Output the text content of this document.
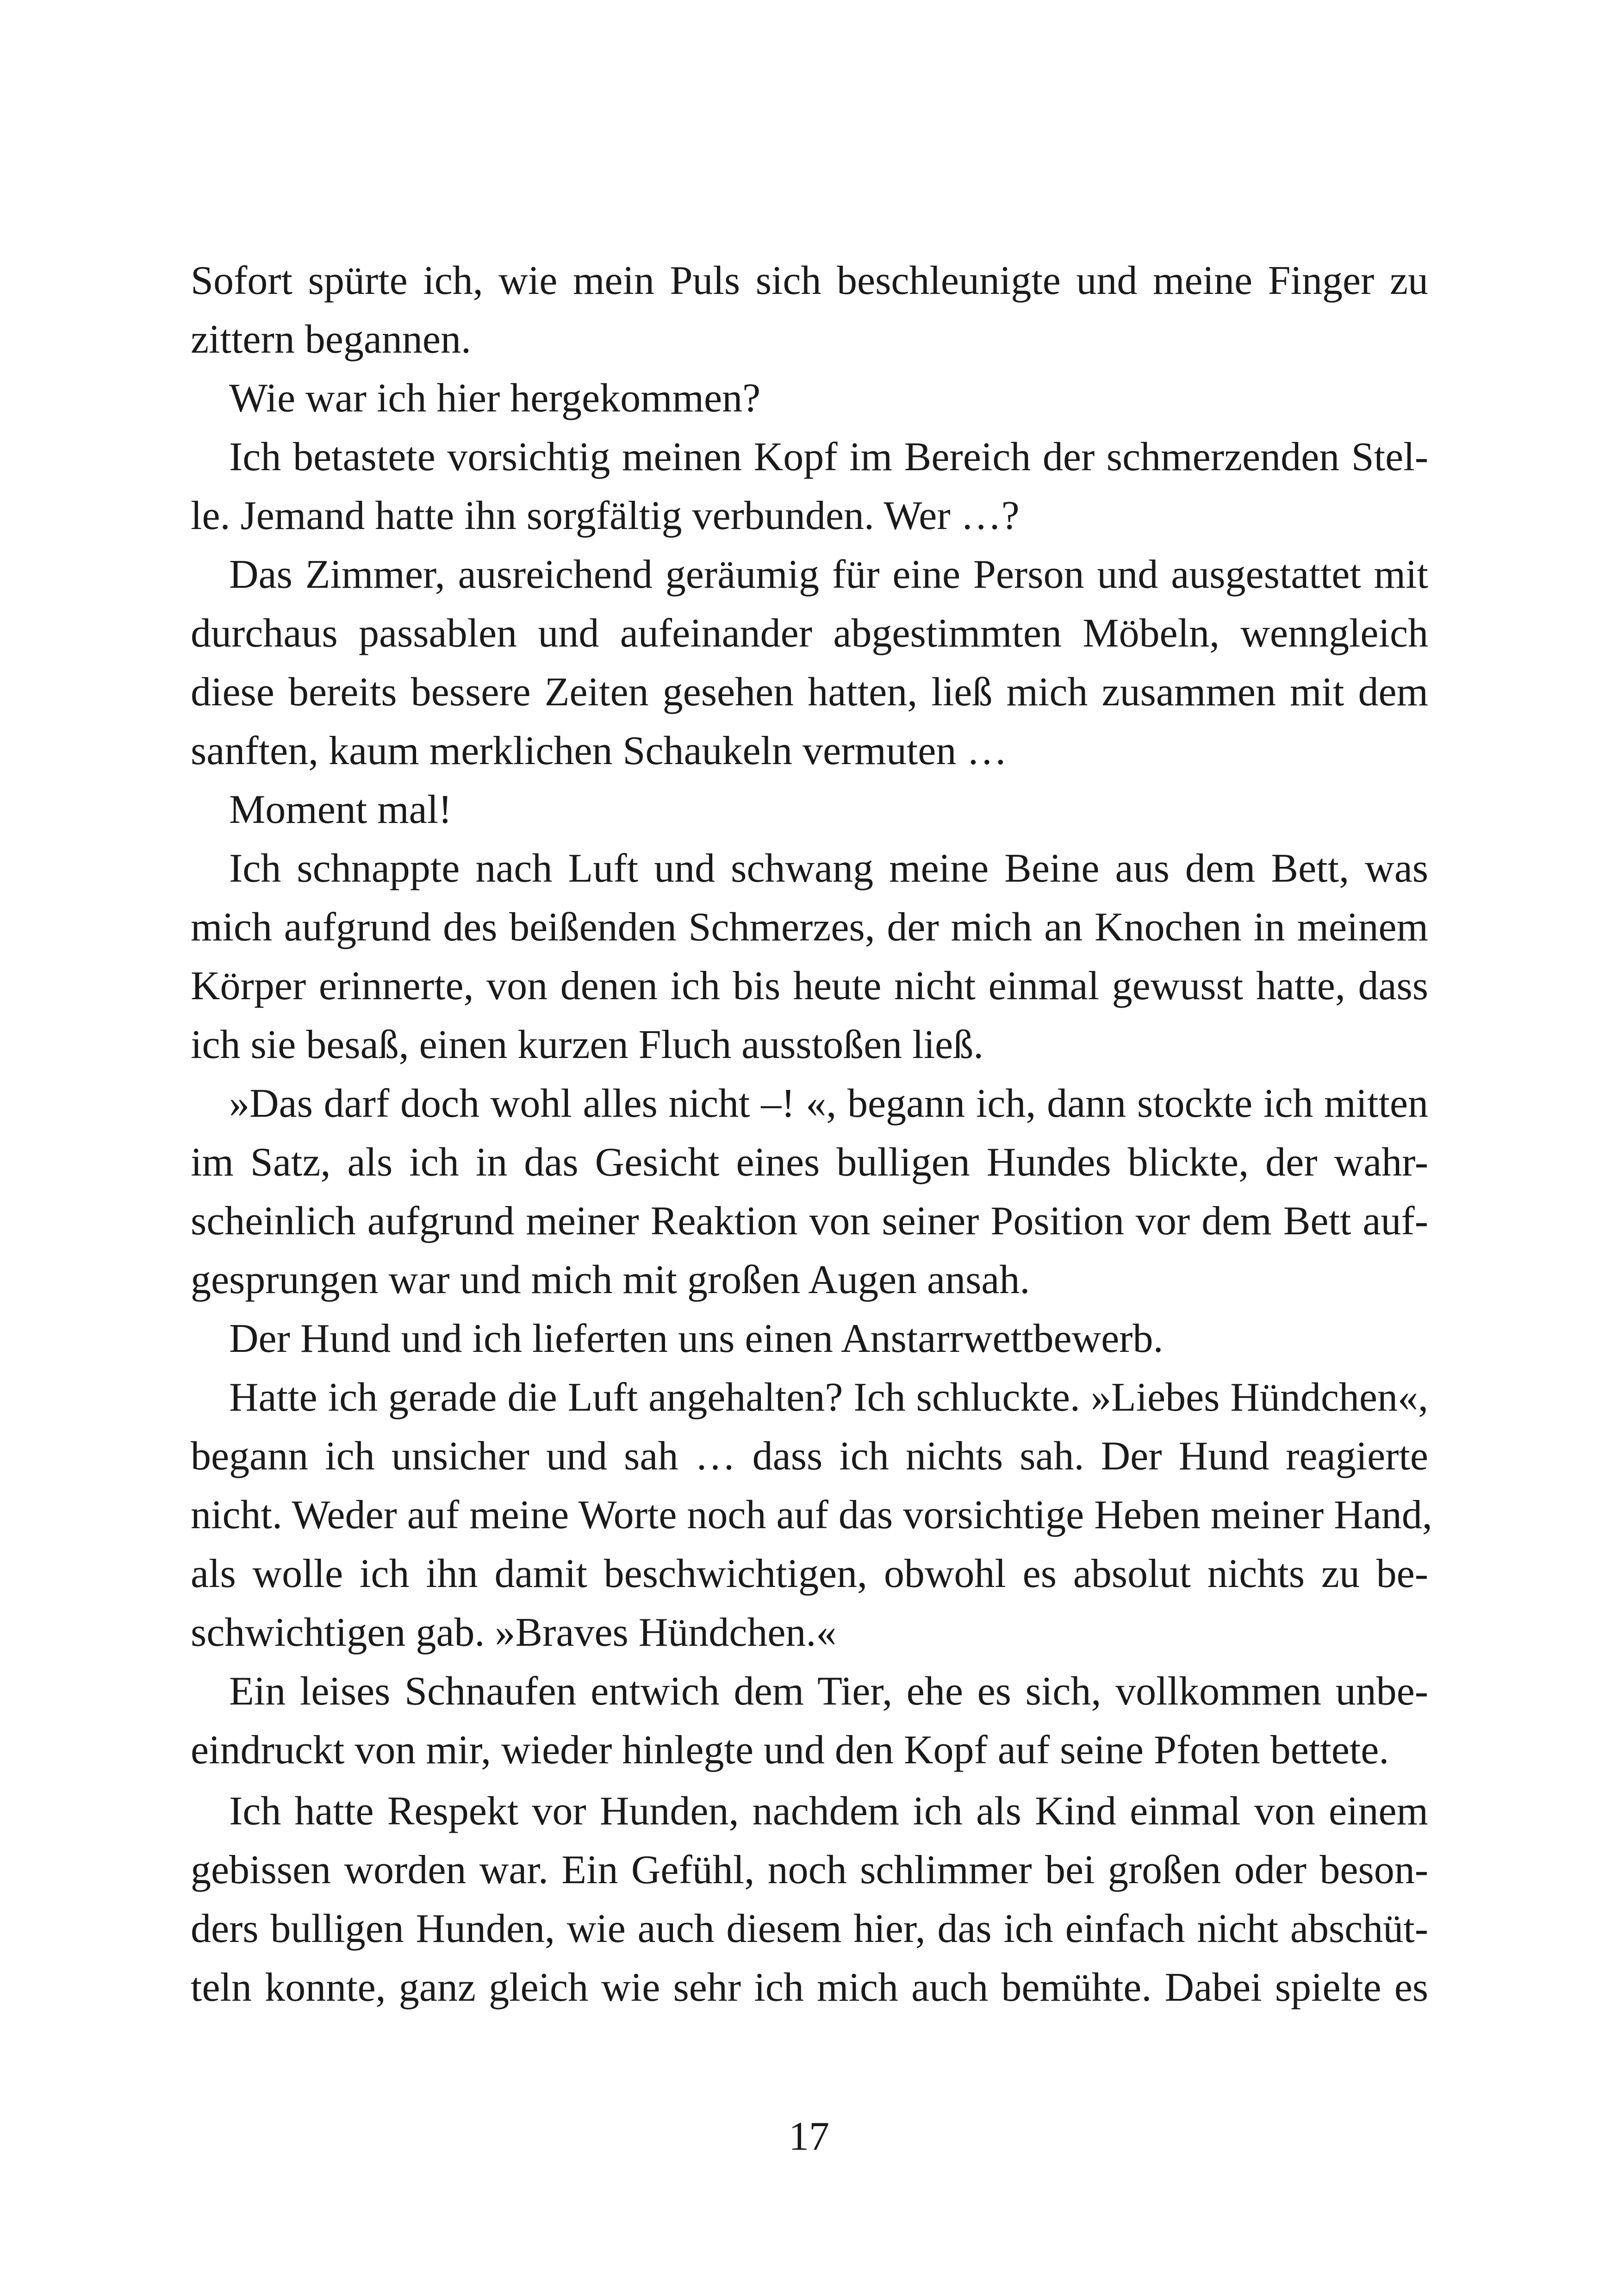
Sofort spürte ich, wie mein Puls sich beschleunigte und meine Finger zu
zittern begannen.
Wie war ich hier hergekommen?
Ich betastete vorsichtig meinen Kopf im Bereich der schmerzenden Stel-
le. Jemand hatte ihn sorgfältig verbunden. Wer …?
Das Zimmer, ausreichend geräumig für eine Person und ausgestattet mit
durchaus passablen und aufeinander abgestimmten Möbeln, wenngleich
diese bereits bessere Zeiten gesehen hatten, ließ mich zusammen mit dem
sanften, kaum merklichen Schaukeln vermuten …
Moment mal!
Ich schnappte nach Luft und schwang meine Beine aus dem Bett, was
mich aufgrund des beißenden Schmerzes, der mich an Knochen in meinem
Körper erinnerte, von denen ich bis heute nicht einmal gewusst hatte, dass
ich sie besaß, einen kurzen Fluch ausstoßen ließ.
»Das darf doch wohl alles nicht –! «, begann ich, dann stockte ich mitten
im Satz, als ich in das Gesicht eines bulligen Hundes blickte, der wahr-
scheinlich aufgrund meiner Reaktion von seiner Position vor dem Bett auf-
gesprungen war und mich mit großen Augen ansah.
Der Hund und ich lieferten uns einen Anstarrwettbewerb.
Hatte ich gerade die Luft angehalten? Ich schluckte. »Liebes Hündchen«,
begann ich unsicher und sah … dass ich nichts sah. Der Hund reagierte
nicht. Weder auf meine Worte noch auf das vorsichtige Heben meiner Hand,
als wolle ich ihn damit beschwichtigen, obwohl es absolut nichts zu be-
schwichtigen gab. »Braves Hündchen.«
Ein leises Schnaufen entwich dem Tier, ehe es sich, vollkommen unbe-
eindruckt von mir, wieder hinlegte und den Kopf auf seine Pfoten bettete.
Ich hatte Respekt vor Hunden, nachdem ich als Kind einmal von einem
gebissen worden war. Ein Gefühl, noch schlimmer bei großen oder beson-
ders bulligen Hunden, wie auch diesem hier, das ich einfach nicht abschüt-
teln konnte, ganz gleich wie sehr ich mich auch bemühte. Dabei spielte es
17
